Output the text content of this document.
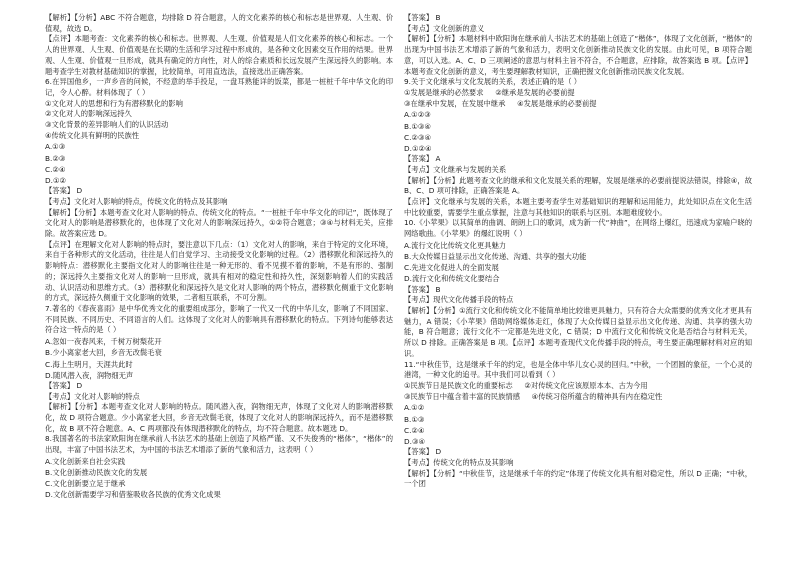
【解析】【分析】ABC 不符合题意，均排除 D 符合题意，人的文化素养的核心和标志是世界观、人生观、价值观，故选 D。
【点评】本题考查：文化素养的核心和标志。世界观、人生观、价值观是人们文化素养的核心和标志。一个人的世界观、人生观、价值观是在长期的生活和学习过程中形成的，是各种文化因素交互作用的结果。世界观、人生观、价值观一旦形成，就具有确定的方向性，对人的综合素质和长远发展产生深远持久的影响。本题考查学生对教材基础知识的掌握，比较简单，可用直选法，直接选出正确答案。
6.在异国他乡，一声乡音的问候，不经意的举手投足，一盘耳熟能详的饭菜，都是一桩桩千年中华文化的印记，令人心醉。材料体现了（ ）
①文化对人的思想和行为有潜移默化的影响
②文化对人的影响深远持久
③文化背景的差异影响人们的认识活动
④传统文化具有鲜明的民族性
A.①③
B.②③
C.②④
D.①②
【答案】 D
【考点】文化对人影响的特点，传统文化的特点及其影响
【解析】【分析】本题考查文化对人影响的特点、传统文化的特点。“一桩桩千年中华文化的印记”，既体现了文化对人的影响是潜移默化的，也体现了文化对人的影响深远持久，①②符合题意；③④与材料无关，应排除。故答案应选 D。
【点评】在理解文化对人影响的特点时，要注意以下几点：（1）文化对人的影响，来自于特定的文化环境，来自于各种形式的文化活动，往往是人们自觉学习、主动接受文化影响的过程。（2）潜移默化和深远持久的影响特点：潜移默化主要指文化对人的影响往往是一种无形的、看不见摸不着的影响，不是有形的、强制的；深远持久主要指文化对人的影响一旦形成，就具有相对的稳定性和持久性，深刻影响着人们的实践活动、认识活动和思维方式。（3）潜移默化和深远持久是文化对人影响的两个特点，潜移默化侧重于文化影响的方式，深远持久侧重于文化影响的效果，二者相互联系，不可分割。
7.著名的《春夜喜雨》是中华优秀文化的重要组成部分，影响了一代又一代的中华儿女，影响了不同国家、不同民族、不同历史、不同语言的人们。这体现了文化对人的影响具有潜移默化的特点。下列诗句能够表达符合这一特点的是（ ）
A.忽如一夜春风来，千树万树梨花开
B.少小离家老大回，乡音无改鬓毛衰
C.海上生明月，天涯共此时
D.随风潜入夜，润物细无声
【答案】 D
【考点】文化对人影响的特点
【解析】【分析】本题考查文化对人影响的特点。随风潜入夜，润物细无声，体现了文化对人的影响潜移默化，故 D 项符合题意。少小离家老大回，乡音无改鬓毛衰，体现了文化对人的影响深远持久，而不是潜移默化，故 B 项不符合题意。A、C 两项都没有体现潜移默化的特点，均不符合题意。故本题选 D。
8.我国著名的书法家欧阳询在继承前人书法艺术的基础上创造了风格严谨、又不失俊秀的“楷体”，“楷体”的出现，丰富了中国书法艺术，为中国的书法艺术增添了新的气象和活力，这表明（ ）
A.文化创新来自社会实践
B.文化创新推动民族文化的发展
C.文化创新要立足于继承
D.文化创新需要学习和借鉴吸收各民族的优秀文化成果
【答案】 B
【考点】文化创新的意义
【解析】【分析】本题材料中欧阳询在继承前人书法艺术的基础上创造了“楷体”，体现了文化创新，“楷体”的出现为中国书法艺术增添了新的气象和活力，表明文化创新推动民族文化的发展。由此可见，B 项符合题意，可以入选。A、C、D 三项阐述的意思与材料主旨不符合，不合题意，应排除，故答案选 B 项。【点评】本题考查文化创新的意义，考生要理解教材知识，正确把握文化创新推动民族文化发展。
9.关于文化继承与文化发展的关系，表述正确的是（ ）
①发展是继承的必然要求 ②继承是发展的必要前提
③在继承中发展，在发展中继承 ④发展是继承的必要前提
A.①②③
B.①③④
C.②③④
D.①②④
【答案】 A
【考点】文化继承与发展的关系
【解析】【分析】此题考查文化的继承和文化发展关系的理解，发展是继承的必要前提说法错误，排除④，故 B、C、D 项可排除，正确答案是 A。
【点评】文化继承与发展的关系，本题主要考查学生对基础知识的理解和运用能力，此处知识点在文化生活中比较重要，需要学生重点掌握，注意与其他知识的联系与区别。本题难度较小。
10.《小苹果》以其简单的曲调、朗朗上口的歌词，成为新一代“神曲”，在网络上爆红，迅速成为家喻户晓的网络歌曲。《小苹果》的爆红说明（ ）
A.流行文化比传统文化更具魅力
B.大众传媒日益显示出文化传递、沟通、共享的强大功能
C.先进文化促进人的全面发展
D.流行文化和传统文化要结合
【答案】 B
【考点】现代文化传播手段的特点
【解析】【分析】①流行文化和传统文化不能简单地比较谁更具魅力，只有符合大众需要的优秀文化才更具有魅力，A 错误；《小苹果》借助网络媒体走红，体现了大众传媒日益显示出文化传递、沟通、共享的强大功能，B 符合题意；流行文化不一定都是先进文化，C 错误；D 中流行文化和传统文化是否结合与材料无关，所以 D 排除。正确答案是 B 项。【点评】本题考查现代文化传播手段的特点，考生要正确理解材料对应的知识。
11.“中秋佳节，这是继承千年的约定，也是全体中华儿女心灵的回归。”中秋，一个团圆的象征，一个心灵的港湾，一种文化的追寻。其中我们可以看到（ ）
①民族节日是民族文化的重要标志 ②对传统文化应该原原本本、古为今用
③民族节日中蕴含着丰富的民族情感 ④传统习俗所蕴含的精神具有内在稳定性
A.①②
B.①③
C.②④
D.③④
【答案】 D
【考点】传统文化的特点及其影响
【解析】【分析】“中秋佳节，这是继承千年的约定”体现了传统文化具有相对稳定性，所以 D 正确；“中秋，一个团
